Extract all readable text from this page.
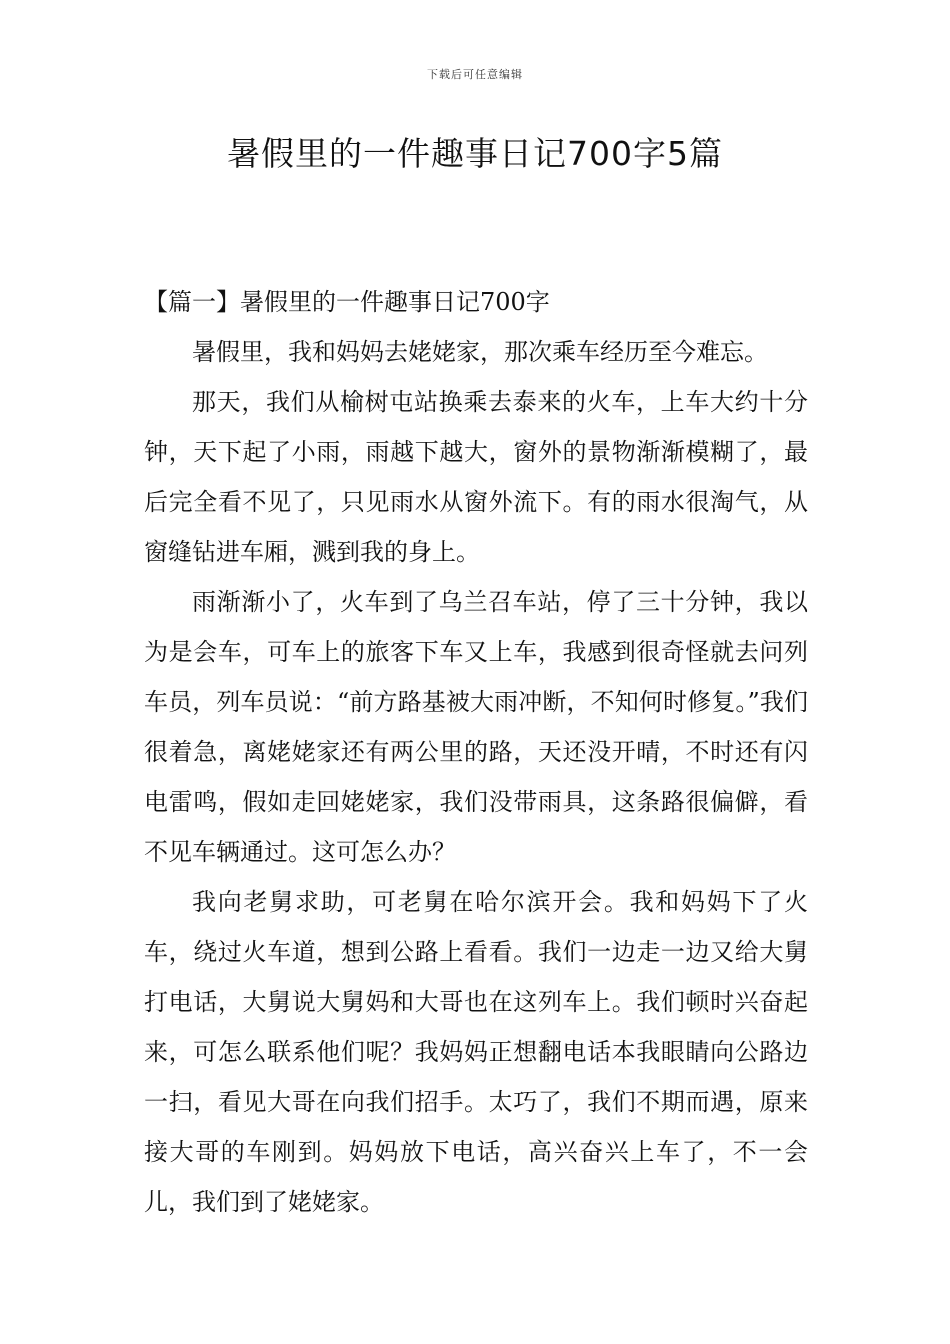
下载后可任意编辑
暑假里的一件趣事日记700字5篇

【篇一】暑假里的一件趣事日记700字

暑假里，我和妈妈去姥姥家，那次乘车经历至今难忘。

那天，我们从榆树屯站换乘去泰来的火车，上车大约十分钟，天下起了小雨，雨越下越大，窗外的景物渐渐模糊了，最后完全看不见了，只见雨水从窗外流下。有的雨水很淘气，从窗缝钻进车厢，溅到我的身上。

雨渐渐小了，火车到了乌兰召车站，停了三十分钟，我以为是会车，可车上的旅客下车又上车，我感到很奇怪就去问列车员，列车员说：“前方路基被大雨冲断，不知何时修复。”我们很着急，离姥姥家还有两公里的路，天还没开晴，不时还有闪电雷鸣，假如走回姥姥家，我们没带雨具，这条路很偏僻，看不见车辆通过。这可怎么办？

我向老舅求助，可老舅在哈尔滨开会。我和妈妈下了火车，绕过火车道，想到公路上看看。我们一边走一边又给大舅打电话，大舅说大舅妈和大哥也在这列车上。我们顿时兴奋起来，可怎么联系他们呢？我妈妈正想翻电话本我眼睛向公路边一扫，看见大哥在向我们招手。太巧了，我们不期而遇，原来接大哥的车刚到。妈妈放下电话，高兴奋兴上车了，不一会儿，我们到了姥姥家。
